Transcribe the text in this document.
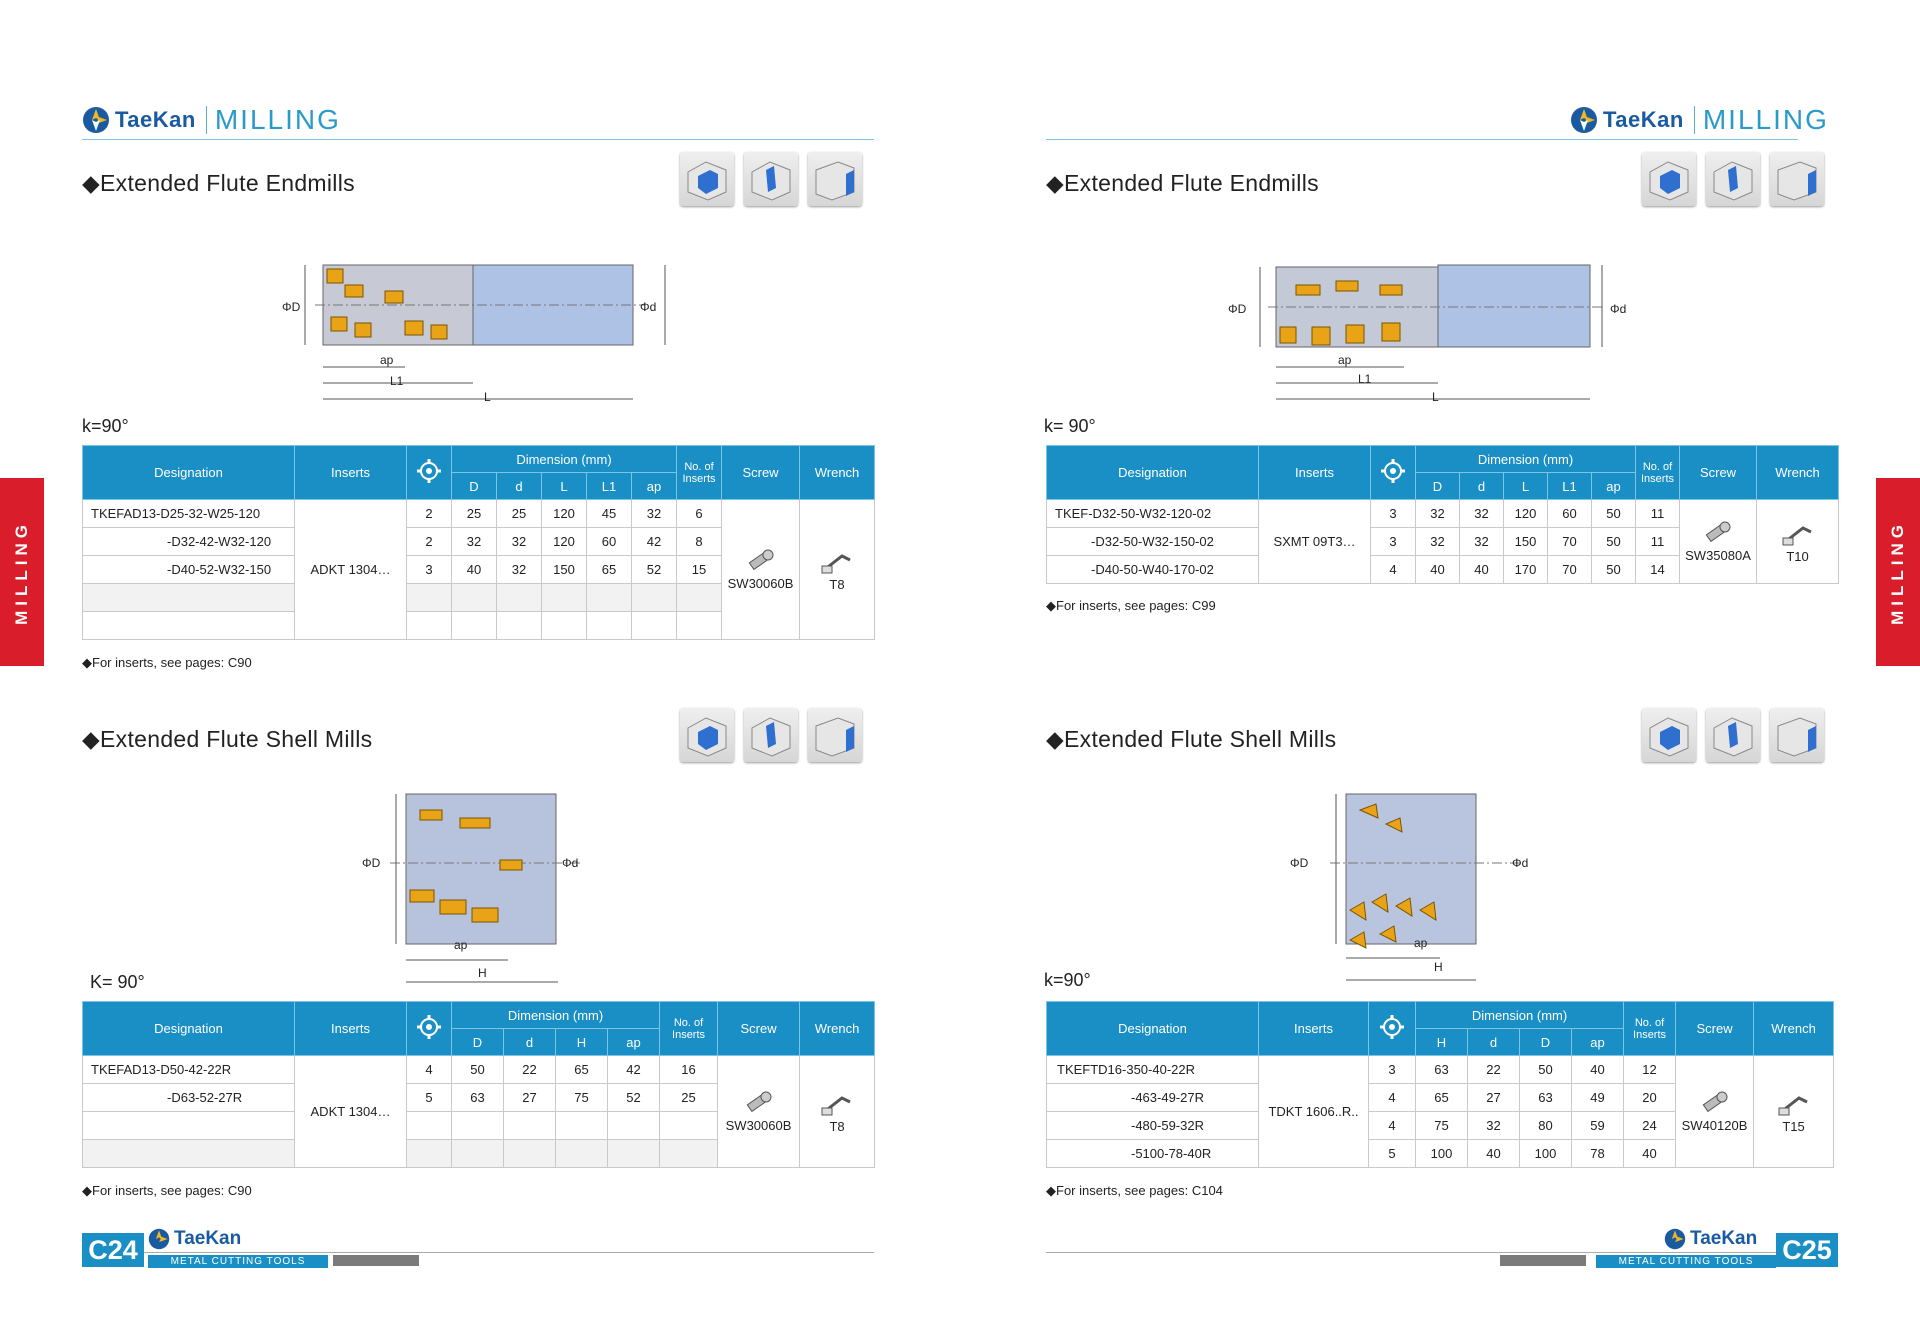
TaeKan MILLING
◆Extended Flute Endmills
ΦD	Φd
ap
L1
L
k=90°
Designation	Inserts		Dimension (mm)					No. of Inserts	Screw	Wrench
			D	d	L	L1	ap			
TKEFAD13-D25-32-W25-120	ADKT 1304…	2	25	25	120	45	32	6	SW30060B	T8
-D32-42-W32-120		2	32	32	120	60	42	8		
-D40-52-W32-150		3	40	32	150	65	52	15		

◆For inserts, see pages: C90
◆Extended Flute Shell Mills
ΦD	Φd
ap
H
K= 90°
Designation	Inserts		Dimension (mm)				No. of Inserts	Screw	Wrench
			D	d	H	ap			
TKEFAD13-D50-42-22R	ADKT 1304…	4	50	22	65	42	16	SW30060B	T8
-D63-52-27R		5	63	27	75	52	25		

◆For inserts, see pages: C90
MILLING
C24	TaeKan
METAL CUTTING TOOLS
TaeKan MILLING
◆Extended Flute Endmills
ΦD	Φd
ap
L1
L
k= 90°
Designation	Inserts		Dimension (mm)					No. of Inserts	Screw	Wrench
			D	d	L	L1	ap			
TKEF-D32-50-W32-120-02	SXMT 09T3…	3	32	32	120	60	50	11	SW35080A	T10
-D32-50-W32-150-02		3	32	32	150	70	50	11		
-D40-50-W40-170-02		4	40	40	170	70	50	14		
◆For inserts, see pages: C99
◆Extended Flute Shell Mills
ΦD	Φd
ap
H
k=90°
Designation	Inserts		Dimension (mm)				No. of Inserts	Screw	Wrench
			H	d	D	ap			
TKEFTD16-350-40-22R	TDKT 1606..R..	3	63	22	50	40	12	SW40120B	T15
-463-49-27R		4	65	27	63	49	20		
-480-59-32R		4	75	32	80	59	24		
-5100-78-40R		5	100	40	100	78	40		
◆For inserts, see pages: C104
MILLING
TaeKan
METAL CUTTING TOOLS	C25
